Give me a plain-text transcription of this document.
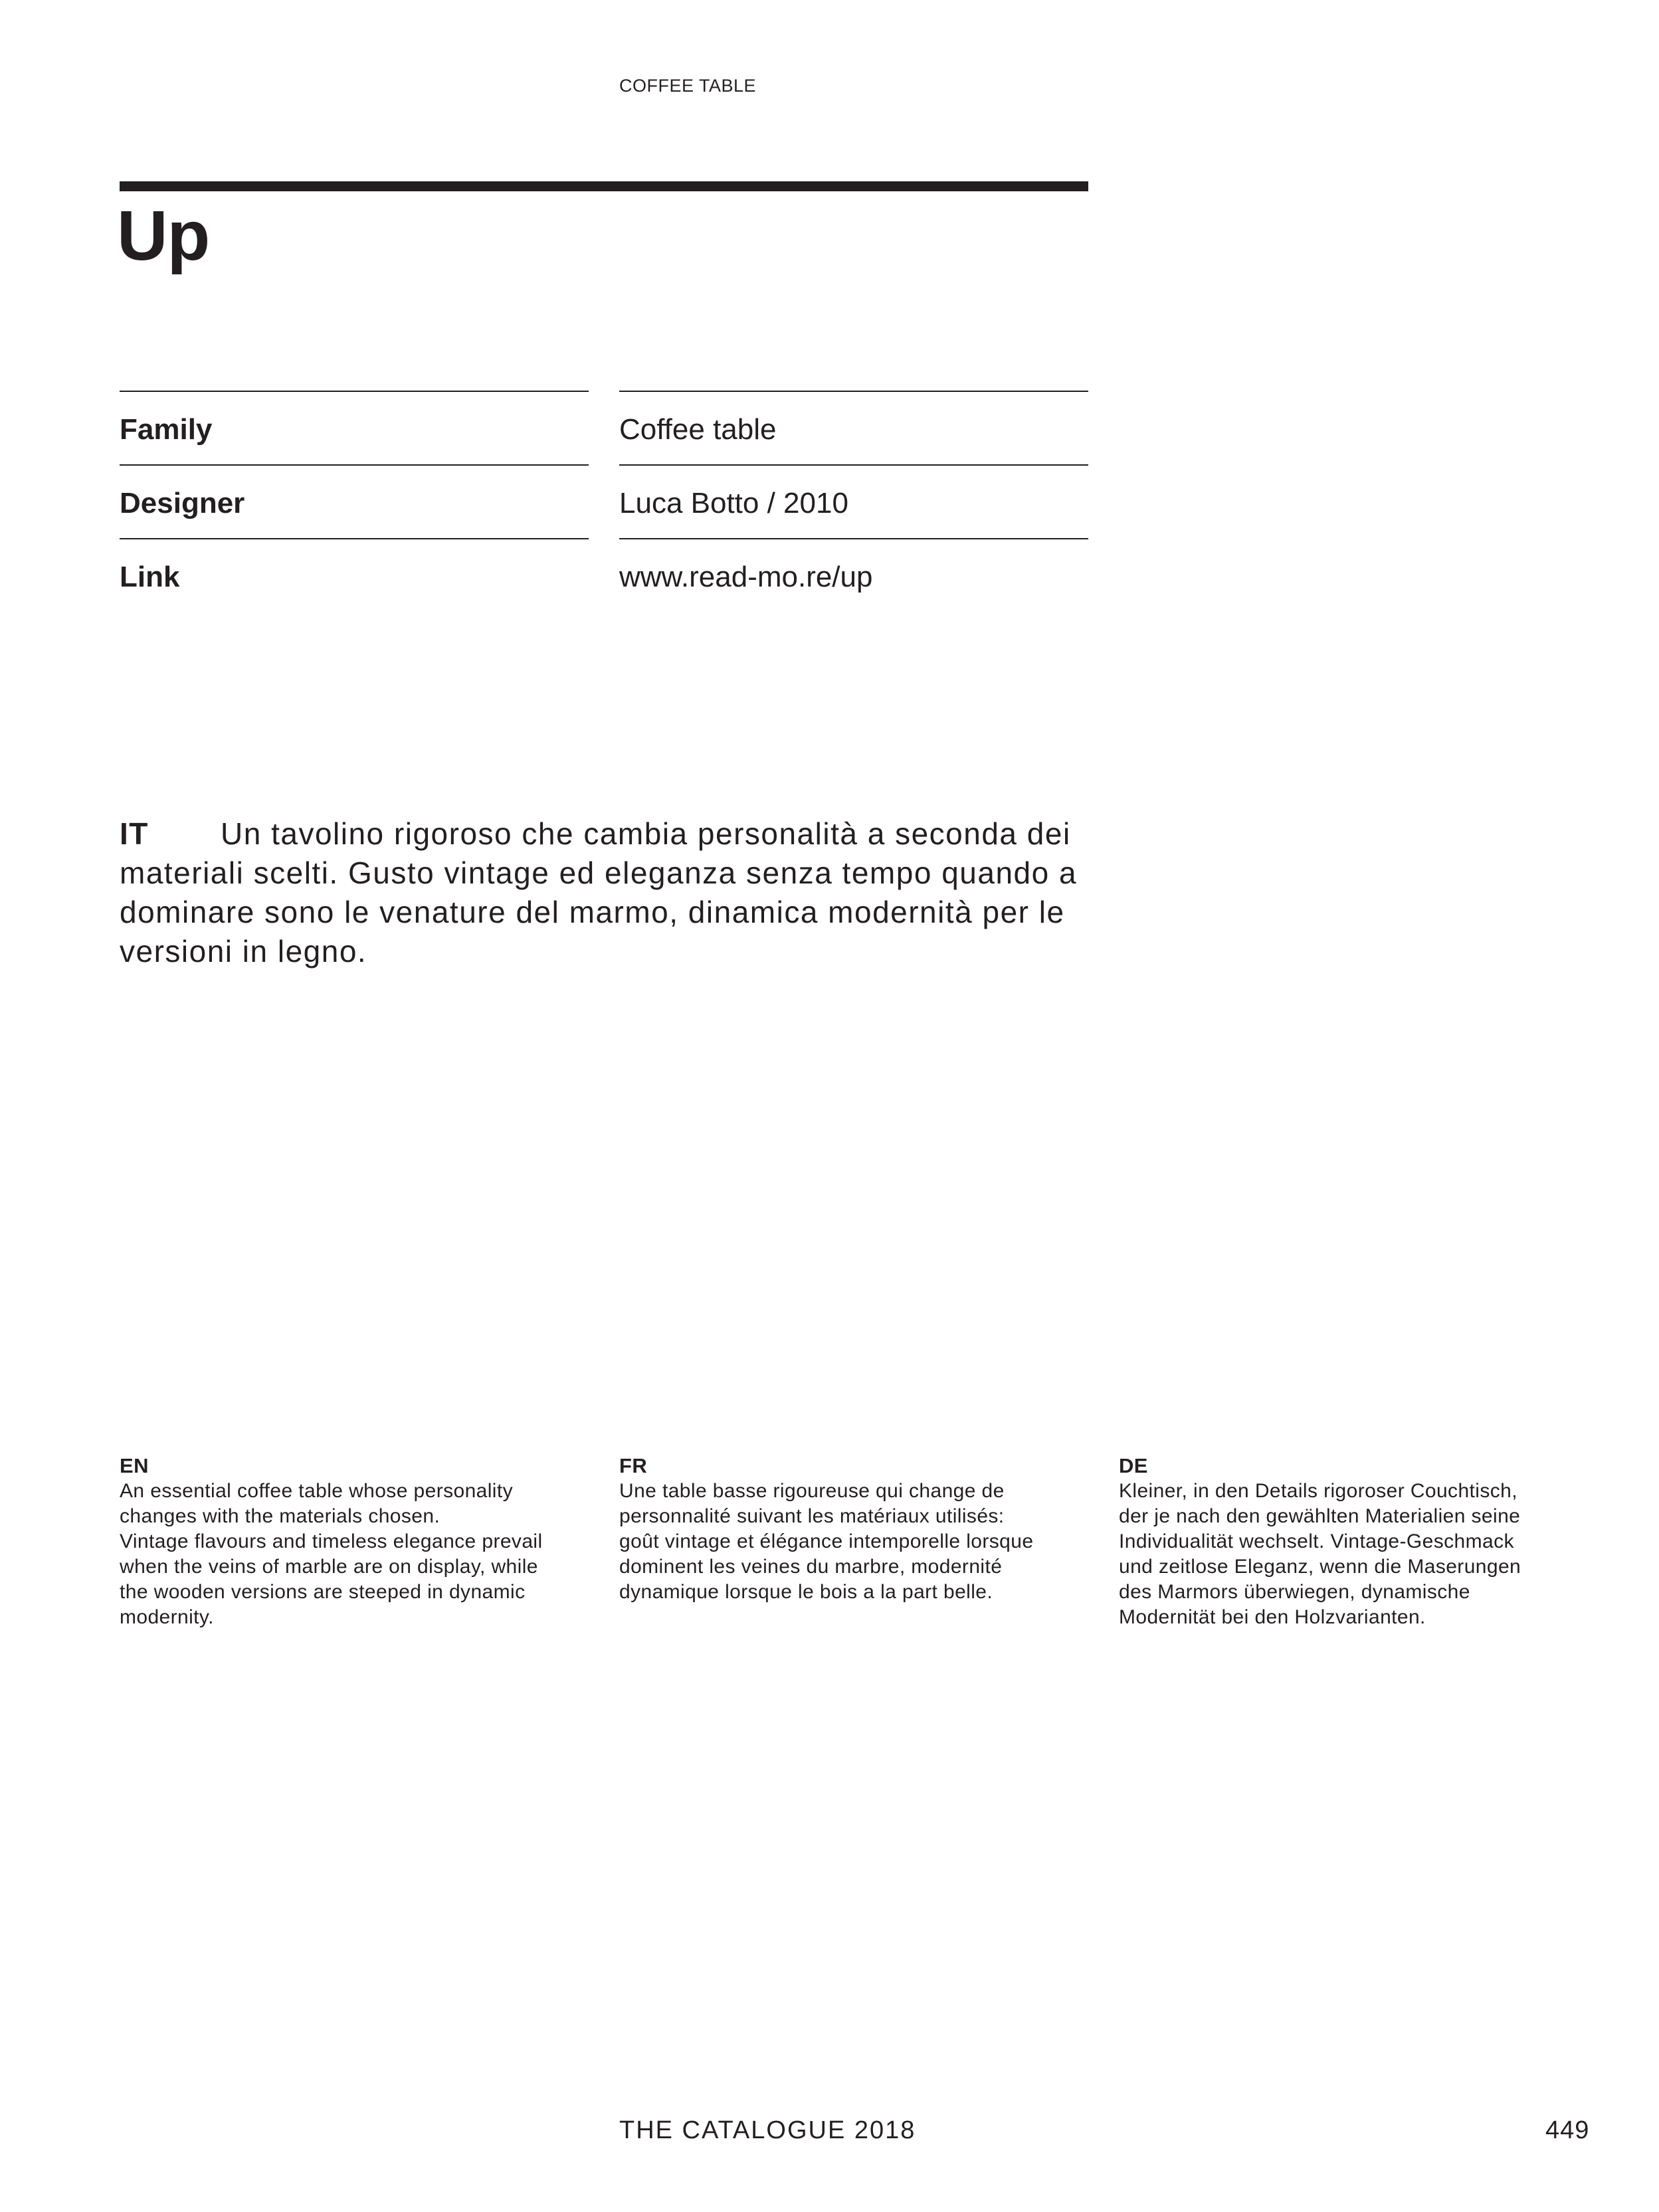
COFFEE TABLE
Up
Family	Coffee table
Designer	Luca Botto / 2010
Link	www.read-mo.re/up
IT Un tavolino rigoroso che cambia personalità a seconda dei materiali scelti. Gusto vintage ed eleganza senza tempo quando a dominare sono le venature del marmo, dinamica modernità per le versioni in legno.
EN
An essential coffee table whose personality
changes with the materials chosen.
Vintage flavours and timeless elegance prevail
when the veins of marble are on display, while
the wooden versions are steeped in dynamic
modernity.
FR
Une table basse rigoureuse qui change de
personnalité suivant les matériaux utilisés:
goût vintage et élégance intemporelle lorsque
dominent les veines du marbre, modernité
dynamique lorsque le bois a la part belle.
DE
Kleiner, in den Details rigoroser Couchtisch,
der je nach den gewählten Materialien seine
Individualität wechselt. Vintage-Geschmack
und zeitlose Eleganz, wenn die Maserungen
des Marmors überwiegen, dynamische
Modernität bei den Holzvarianten.
THE CATALOGUE 2018	449
